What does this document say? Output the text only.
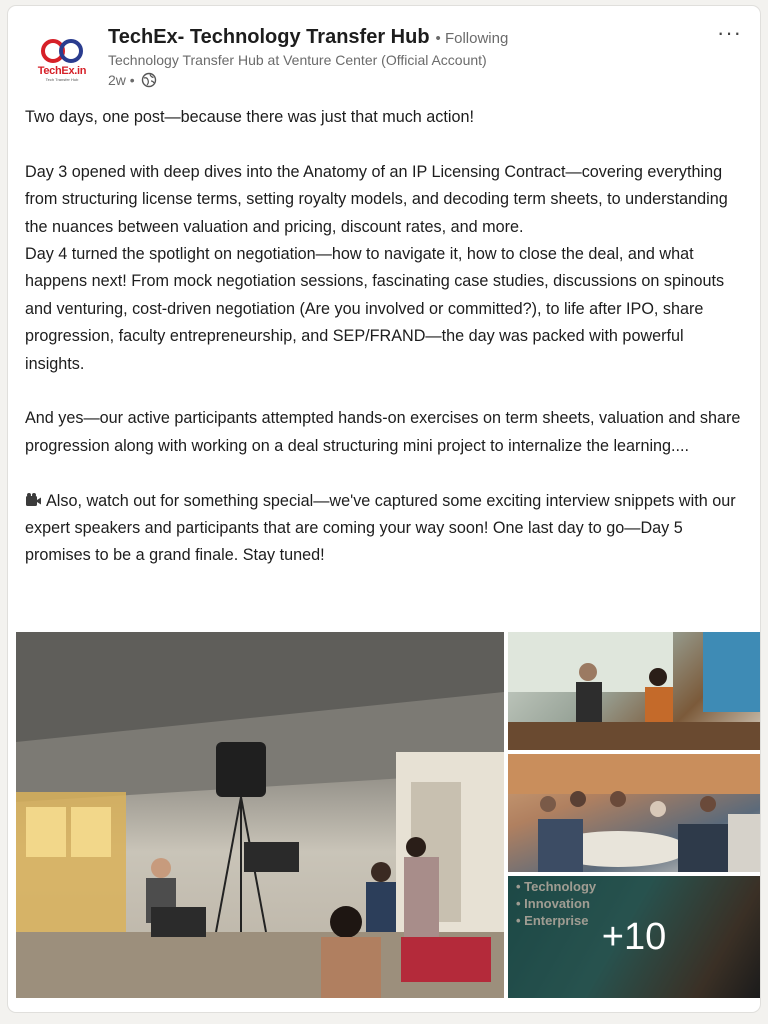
TechEx.in
Tech Transfer Hub
TechEx- Technology Transfer Hub • Following
Technology Transfer Hub at Venture Center (Official Account)
2w •
···

Two days, one post—because there was just that much action!

Day 3 opened with deep dives into the Anatomy of an IP Licensing Contract—covering everything from structuring license terms, setting royalty models, and decoding term sheets, to understanding the nuances between valuation and pricing, discount rates, and more.

Day 4 turned the spotlight on negotiation—how to navigate it, how to close the deal, and what happens next! From mock negotiation sessions, fascinating case studies, discussions on spinouts and venturing, cost-driven negotiation (Are you involved or committed?), to life after IPO, share progression, faculty entrepreneurship, and SEP/FRAND—the day was packed with powerful insights.

And yes—our active participants attempted hands-on exercises on term sheets, valuation and share progression along with working on a deal structuring mini project to internalize the learning....

Also, watch out for something special—we've captured some exciting interview snippets with our expert speakers and participants that are coming your way soon! One last day to go—Day 5 promises to be a grand finale. Stay tuned!

• Technology
• Innovation
• Enterprise +10
